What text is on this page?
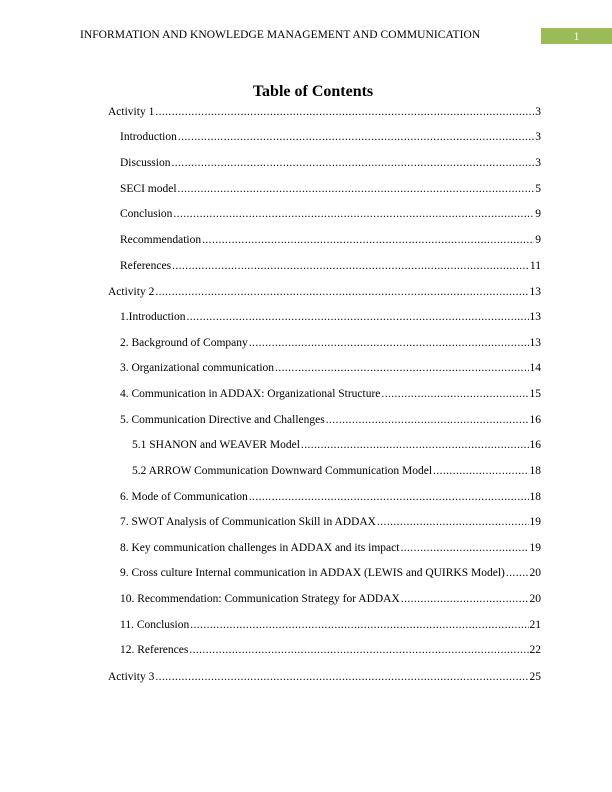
INFORMATION AND KNOWLEDGE MANAGEMENT AND COMMUNICATION	1
Table of Contents
Activity 1 .....	3
Introduction .....	3
Discussion .....	3
SECI model .....	5
Conclusion .....	9
Recommendation .....	9
References .....	11
Activity 2 .....	13
1.Introduction .....	13
2. Background of Company .....	13
3. Organizational communication .....	14
4. Communication in ADDAX: Organizational Structure .....	15
5. Communication Directive and Challenges .....	16
5.1 SHANON and WEAVER Model .....	16
5.2 ARROW Communication Downward Communication Model .....	18
6. Mode of Communication .....	18
7. SWOT Analysis of Communication Skill in ADDAX .....	19
8. Key communication challenges in ADDAX and its impact .....	19
9. Cross culture Internal communication in ADDAX (LEWIS and QUIRKS Model) ..... 20
10. Recommendation: Communication Strategy for ADDAX .....	20
11. Conclusion .....	21
12. References .....	22
Activity 3 .....	25
